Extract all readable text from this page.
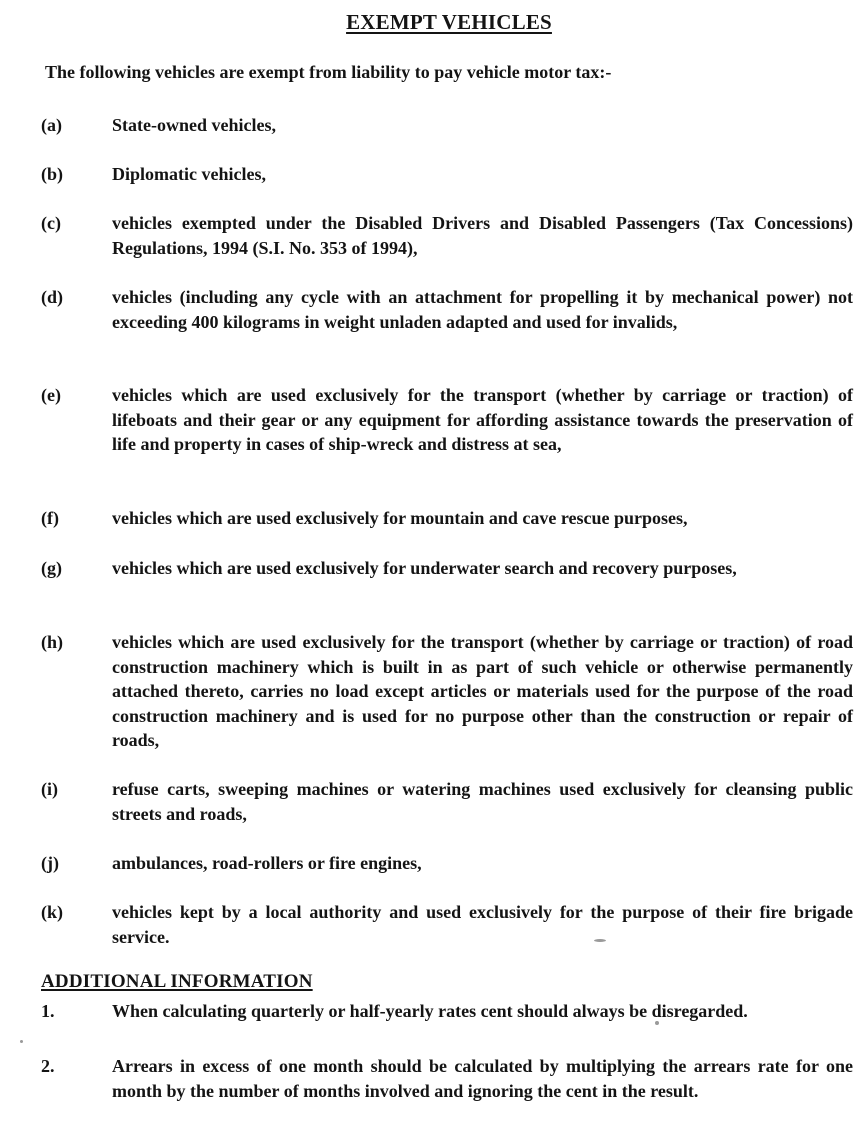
EXEMPT VEHICLES
The following vehicles are exempt from liability to pay vehicle motor tax:-
(a)	State-owned vehicles,
(b)	Diplomatic vehicles,
(c)	vehicles exempted under the Disabled Drivers and Disabled Passengers (Tax Concessions) Regulations, 1994 (S.I. No. 353 of 1994),
(d)	vehicles (including any cycle with an attachment for propelling it by mechanical power) not exceeding 400 kilograms in weight unladen adapted and used for invalids,
(e)	vehicles which are used exclusively for the transport (whether by carriage or traction) of lifeboats and their gear or any equipment for affording assistance towards the preservation of life and property in cases of ship-wreck and distress at sea,
(f)	vehicles which are used exclusively for mountain and cave rescue purposes,
(g)	vehicles which are used exclusively for underwater search and recovery purposes,
(h)	vehicles which are used exclusively for the transport (whether by carriage or traction) of road construction machinery which is built in as part of such vehicle or otherwise permanently attached thereto, carries no load except articles or materials used for the purpose of the road construction machinery and is used for no purpose other than the construction or repair of roads,
(i)	refuse carts, sweeping machines or watering machines used exclusively for cleansing public streets and roads,
(j)	ambulances, road-rollers or fire engines,
(k)	vehicles kept by a local authority and used exclusively for the purpose of their fire brigade service.
ADDITIONAL INFORMATION
1.	When calculating quarterly or half-yearly rates cent should always be disregarded.
2.	Arrears in excess of one month should be calculated by multiplying the arrears rate for one month by the number of months involved and ignoring the cent in the result.
